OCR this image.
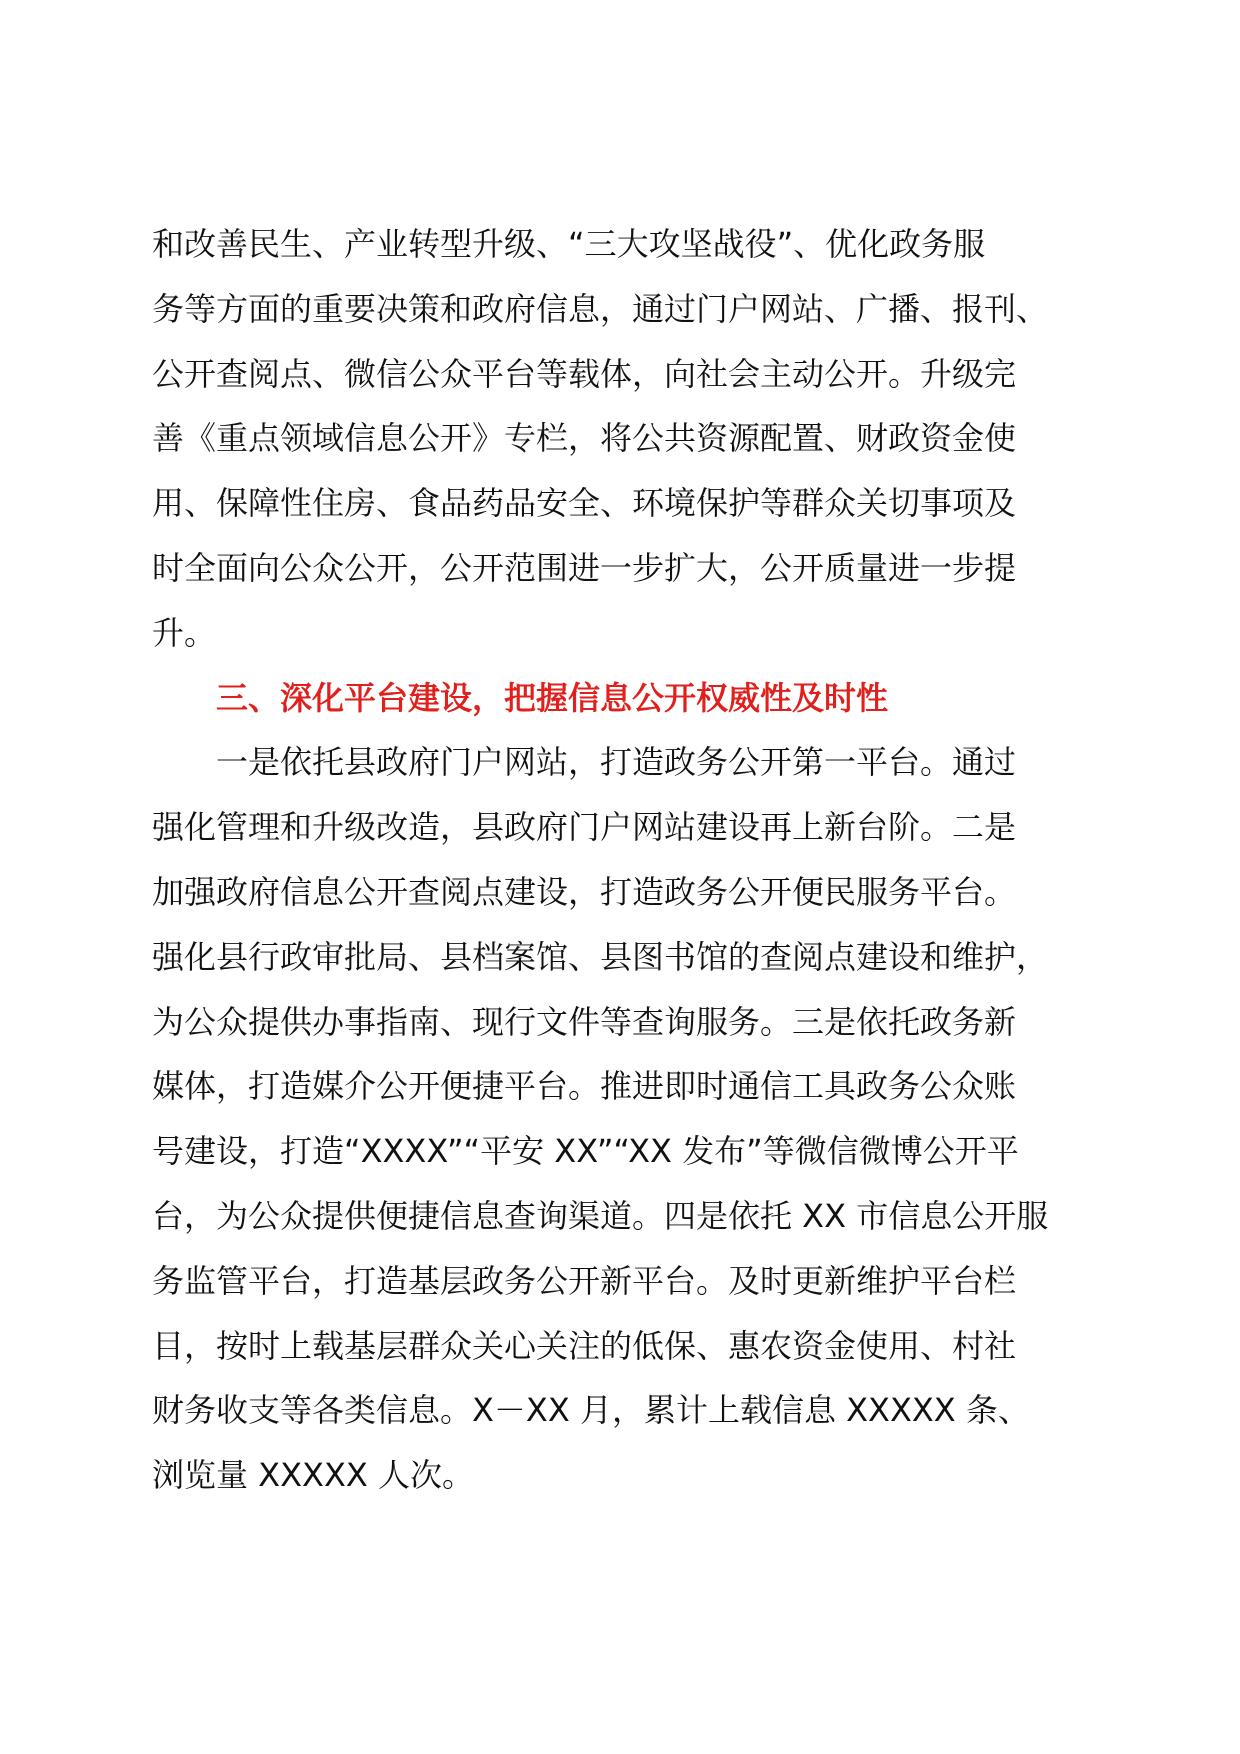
和改善民生、产业转型升级、“三大攻坚战役”、优化政务服
务等方面的重要决策和政府信息，通过门户网站、广播、报刊、
公开查阅点、微信公众平台等载体，向社会主动公开。升级完
善《重点领域信息公开》专栏，将公共资源配置、财政资金使
用、保障性住房、食品药品安全、环境保护等群众关切事项及
时全面向公众公开，公开范围进一步扩大，公开质量进一步提
升。
三、深化平台建设，把握信息公开权威性及时性
一是依托县政府门户网站，打造政务公开第一平台。通过
强化管理和升级改造，县政府门户网站建设再上新台阶。二是
加强政府信息公开查阅点建设，打造政务公开便民服务平台。
强化县行政审批局、县档案馆、县图书馆的查阅点建设和维护，
为公众提供办事指南、现行文件等查询服务。三是依托政务新
媒体，打造媒介公开便捷平台。推进即时通信工具政务公众账
号建设，打造“XXXX”“平安 XX”“XX 发布”等微信微博公开平
台，为公众提供便捷信息查询渠道。四是依托 XX 市信息公开服
务监管平台，打造基层政务公开新平台。及时更新维护平台栏
目，按时上载基层群众关心关注的低保、惠农资金使用、村社
财务收支等各类信息。X－XX 月，累计上载信息 XXXXX 条、
浏览量 XXXXX 人次。
